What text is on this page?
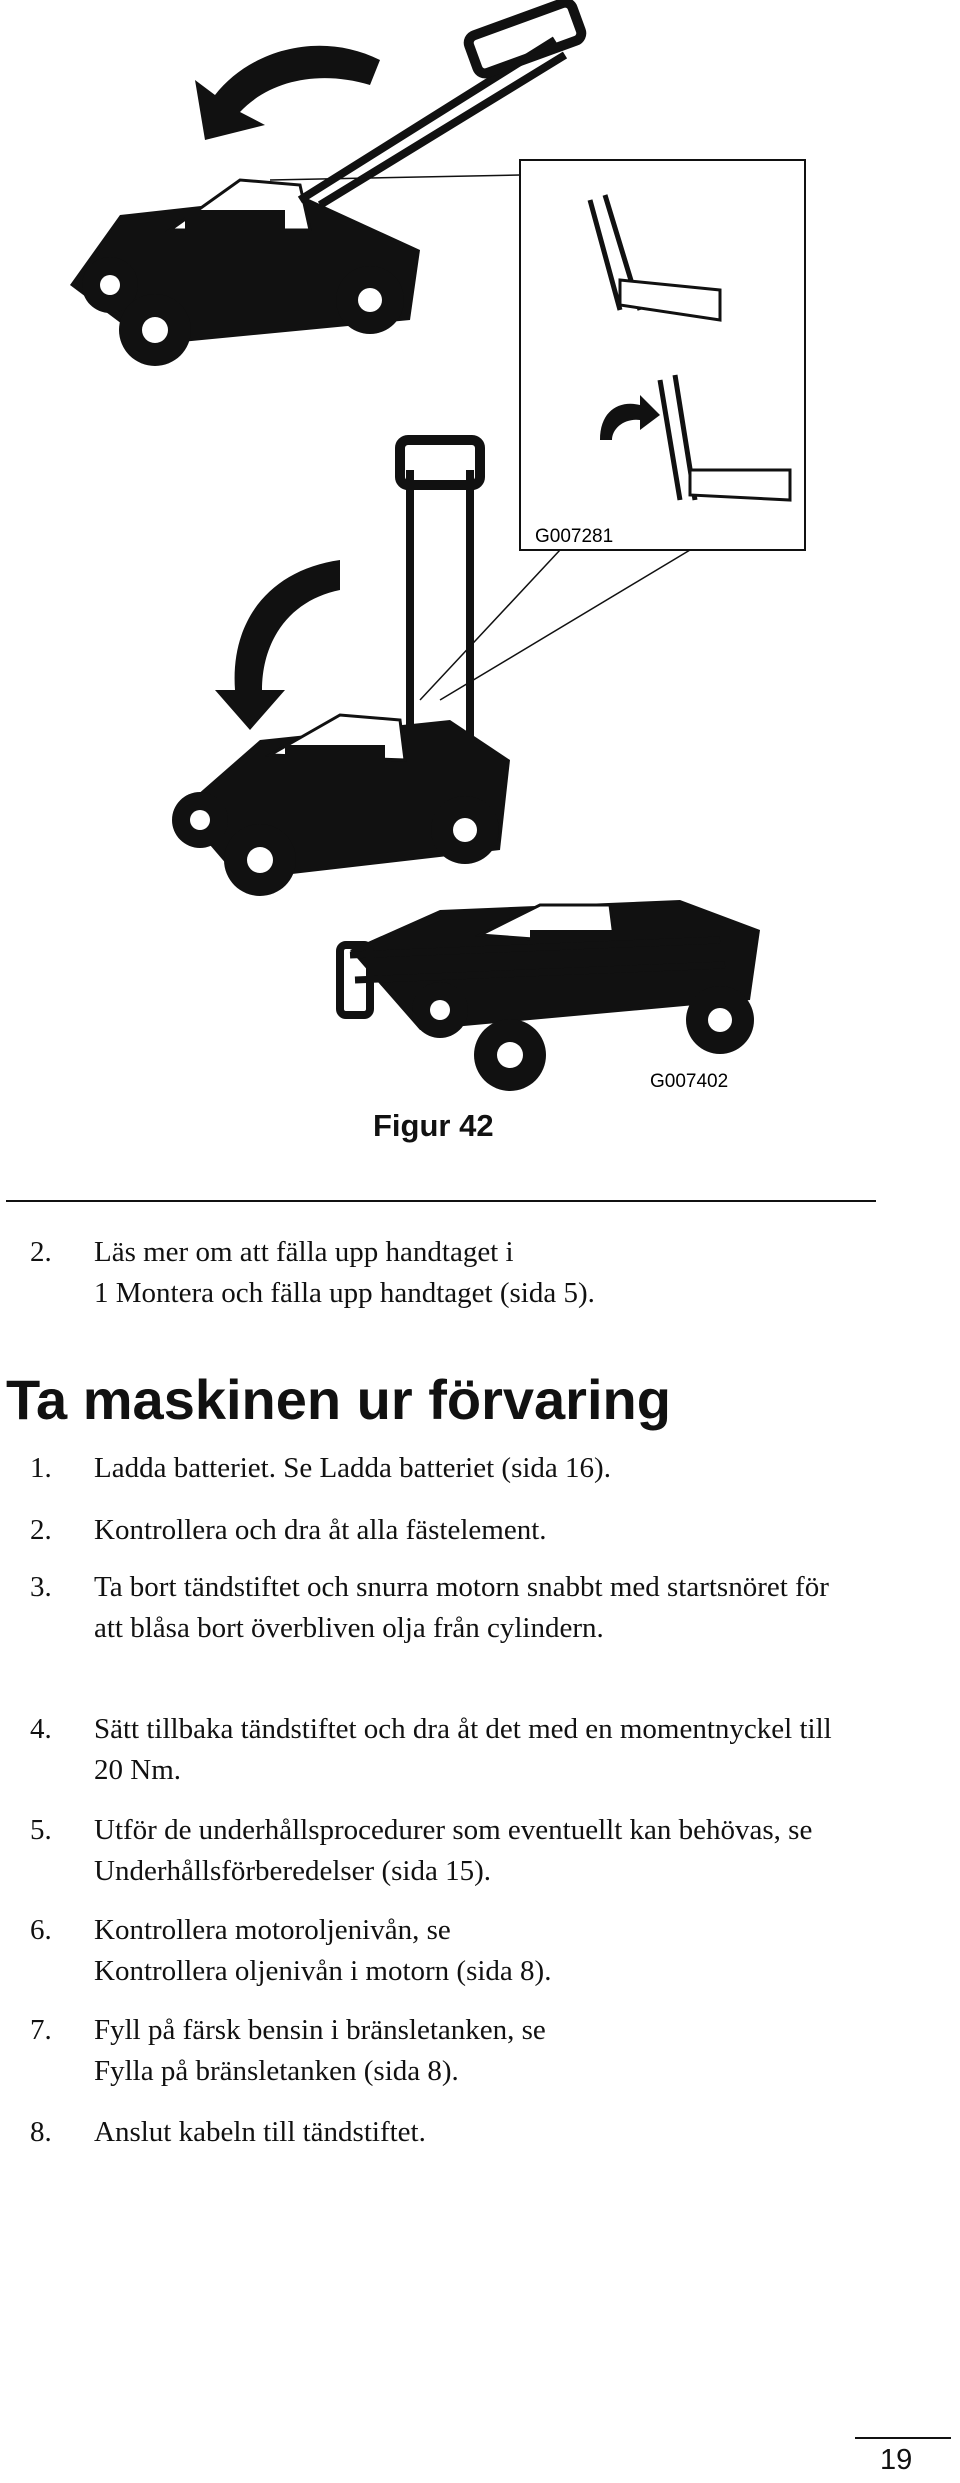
G007281
G007402
Figur 42
2.	Läs mer om att fälla upp handtaget i
1 Montera och fälla upp handtaget (sida 5).
Ta maskinen ur förvaring
1.	Ladda batteriet. Se Ladda batteriet (sida 16).
2.	Kontrollera och dra åt alla fästelement.
3.	Ta bort tändstiftet och snurra motorn snabbt med startsnöret för att blåsa bort överbliven olja från cylindern.
4.	Sätt tillbaka tändstiftet och dra åt det med en momentnyckel till 20 Nm.
5.	Utför de underhållsprocedurer som eventuellt kan behövas, se Underhållsförberedelser (sida 15).
6.	Kontrollera motoroljenivån, se
Kontrollera oljenivån i motorn (sida 8).
7.	Fyll på färsk bensin i bränsletanken, se
Fylla på bränsletanken (sida 8).
8.	Anslut kabeln till tändstiftet.
19
